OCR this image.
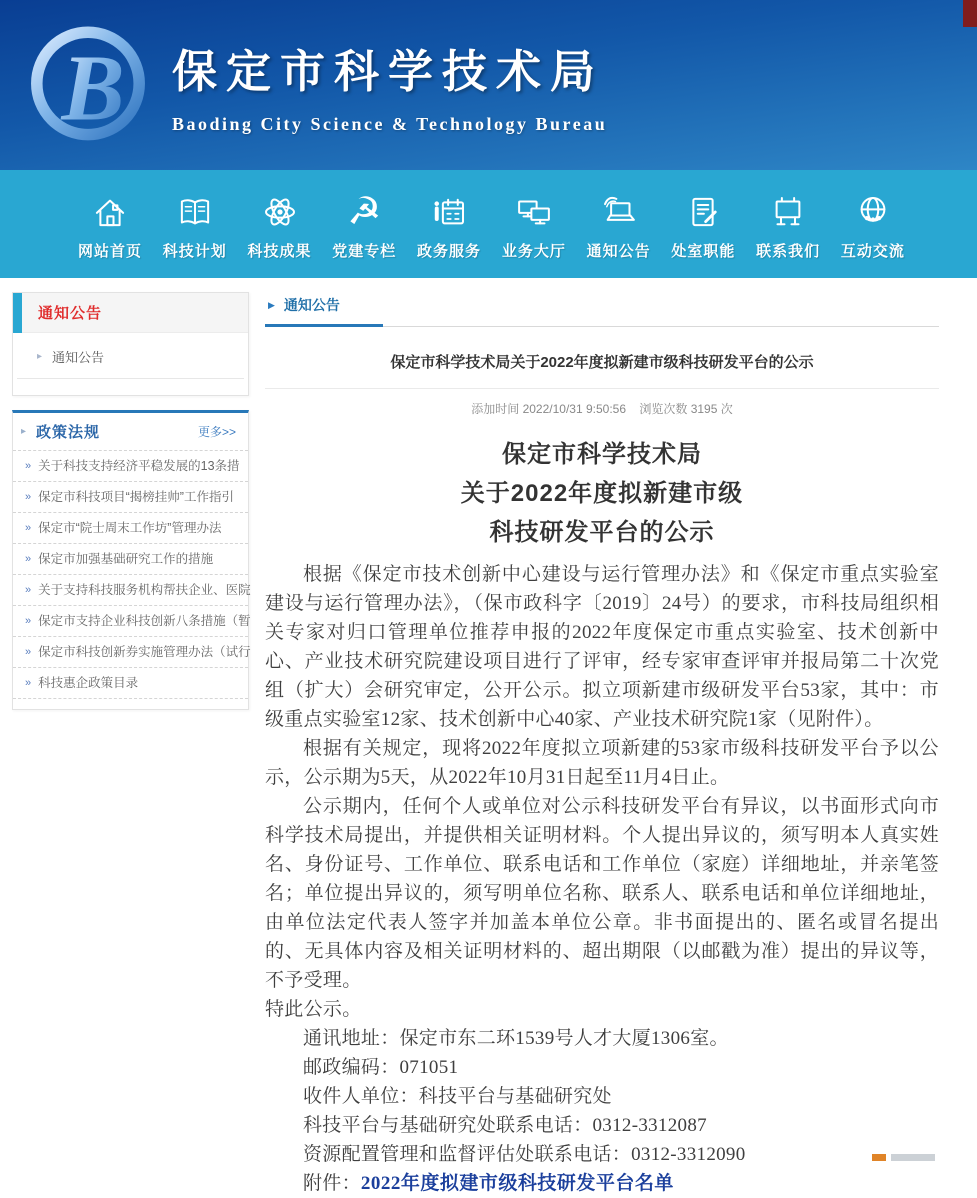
B 保定市科学技术局
Baoding City Science & Technology Bureau
网站首页 科技计划 科技成果
☭
党建专栏 政务服务 业务大厅 通知公告 处室职能 联系我们 互动交流
通知公告
▸ 通知公告
▸ 政策法规	更多>>
» 关于科技支持经济平稳发展的13条措
» 保定市科技项目“揭榜挂帅”工作指引
» 保定市“院士周末工作坊”管理办法
» 保定市加强基础研究工作的措施
» 关于支持科技服务机构帮扶企业、医院
» 保定市支持企业科技创新八条措施（暂
» 保定市科技创新券实施管理办法（试行
» 科技惠企政策目录
▶ 通知公告
保定市科学技术局关于2022年度拟新建市级科技研发平台的公示
添加时间 2022/10/31 9:50:56 浏览次数 3195 次
保定市科学技术局
关于2022年度拟新建市级
科技研发平台的公示

根据《保定市技术创新中心建设与运行管理办法》和《保定市重点实验室建设与运行管理办法》，（保市政科字〔2019〕24号）的要求，市科技局组织相关专家对归口管理单位推荐申报的2022年度保定市重点实验室、技术创新中心、产业技术研究院建设项目进行了评审，经专家审查评审并报局第二十次党组（扩大）会研究审定，公开公示。拟立项新建市级研发平台53家，其中：市级重点实验室12家、技术创新中心40家、产业技术研究院1家（见附件）。

根据有关规定，现将2022年度拟立项新建的53家市级科技研发平台予以公示，公示期为5天，从2022年10月31日起至11月4日止。

公示期内，任何个人或单位对公示科技研发平台有异议，以书面形式向市科学技术局提出，并提供相关证明材料。个人提出异议的，须写明本人真实姓名、身份证号、工作单位、联系电话和工作单位（家庭）详细地址，并亲笔签名；单位提出异议的，须写明单位名称、联系人、联系电话和单位详细地址，由单位法定代表人签字并加盖本单位公章。非书面提出的、匿名或冒名提出的、无具体内容及相关证明材料的、超出期限（以邮戳为准）提出的异议等，不予受理。

特此公示。

通讯地址：保定市东二环1539号人才大厦1306室。

邮政编码：071051

收件人单位：科技平台与基础研究处

科技平台与基础研究处联系电话：0312-3312087

资源配置管理和监督评估处联系电话：0312-3312090

附件：2022年度拟建市级科技研发平台名单
